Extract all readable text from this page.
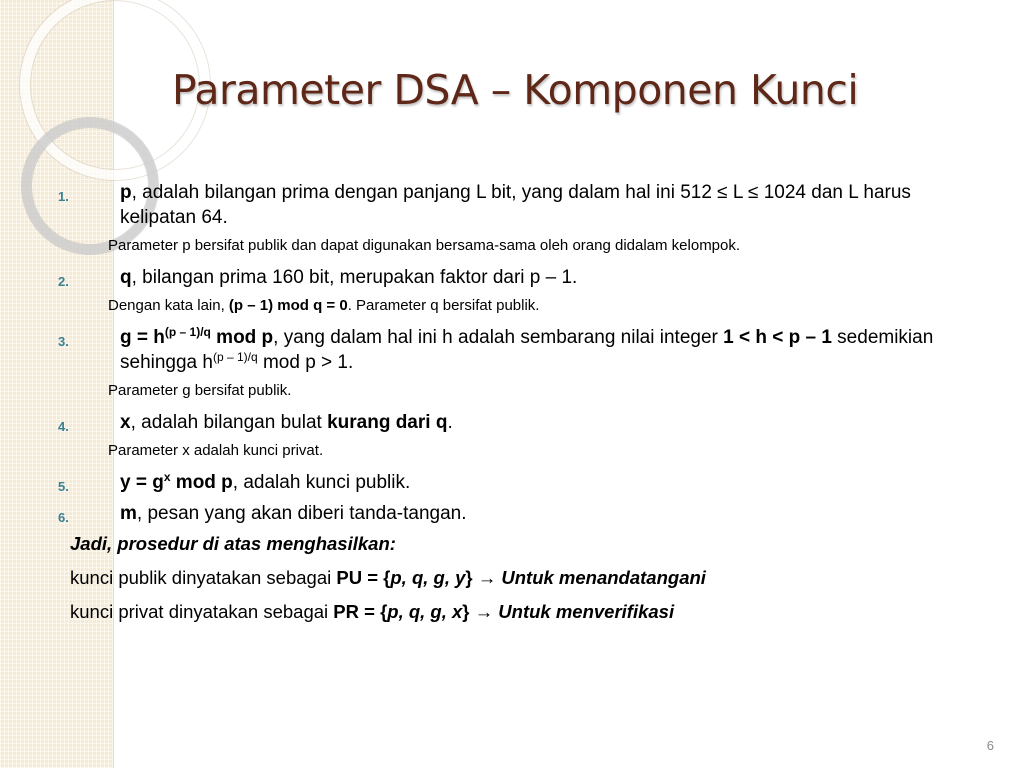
Parameter DSA – Komponen Kunci
1.	p, adalah bilangan prima dengan panjang L bit, yang dalam hal ini 512 ≤ L ≤ 1024 dan L harus kelipatan 64.
Parameter p bersifat publik dan dapat digunakan bersama-sama oleh orang didalam kelompok.
2.	q, bilangan prima 160 bit, merupakan faktor dari p – 1.
Dengan kata lain, (p – 1) mod q = 0. Parameter q bersifat publik.
3.	$g = h^{(p - 1)/q}$ mod p, yang dalam hal ini h adalah sembarang nilai integer 1 < h < p – 1 sedemikian sehingga $h^{(p - 1)/q}$ mod p > 1.
Parameter g bersifat publik.
4.	x, adalah bilangan bulat kurang dari q.
Parameter x adalah kunci privat.
5.	$y = g^x$ mod p, adalah kunci publik.
6.	m, pesan yang akan diberi tanda-tangan.
Jadi, prosedur di atas menghasilkan:
kunci publik dinyatakan sebagai PU = {p, q, g, y} → Untuk menandatangani
kunci privat dinyatakan sebagai PR = {p, q, g, x} → Untuk menverifikasi
6
